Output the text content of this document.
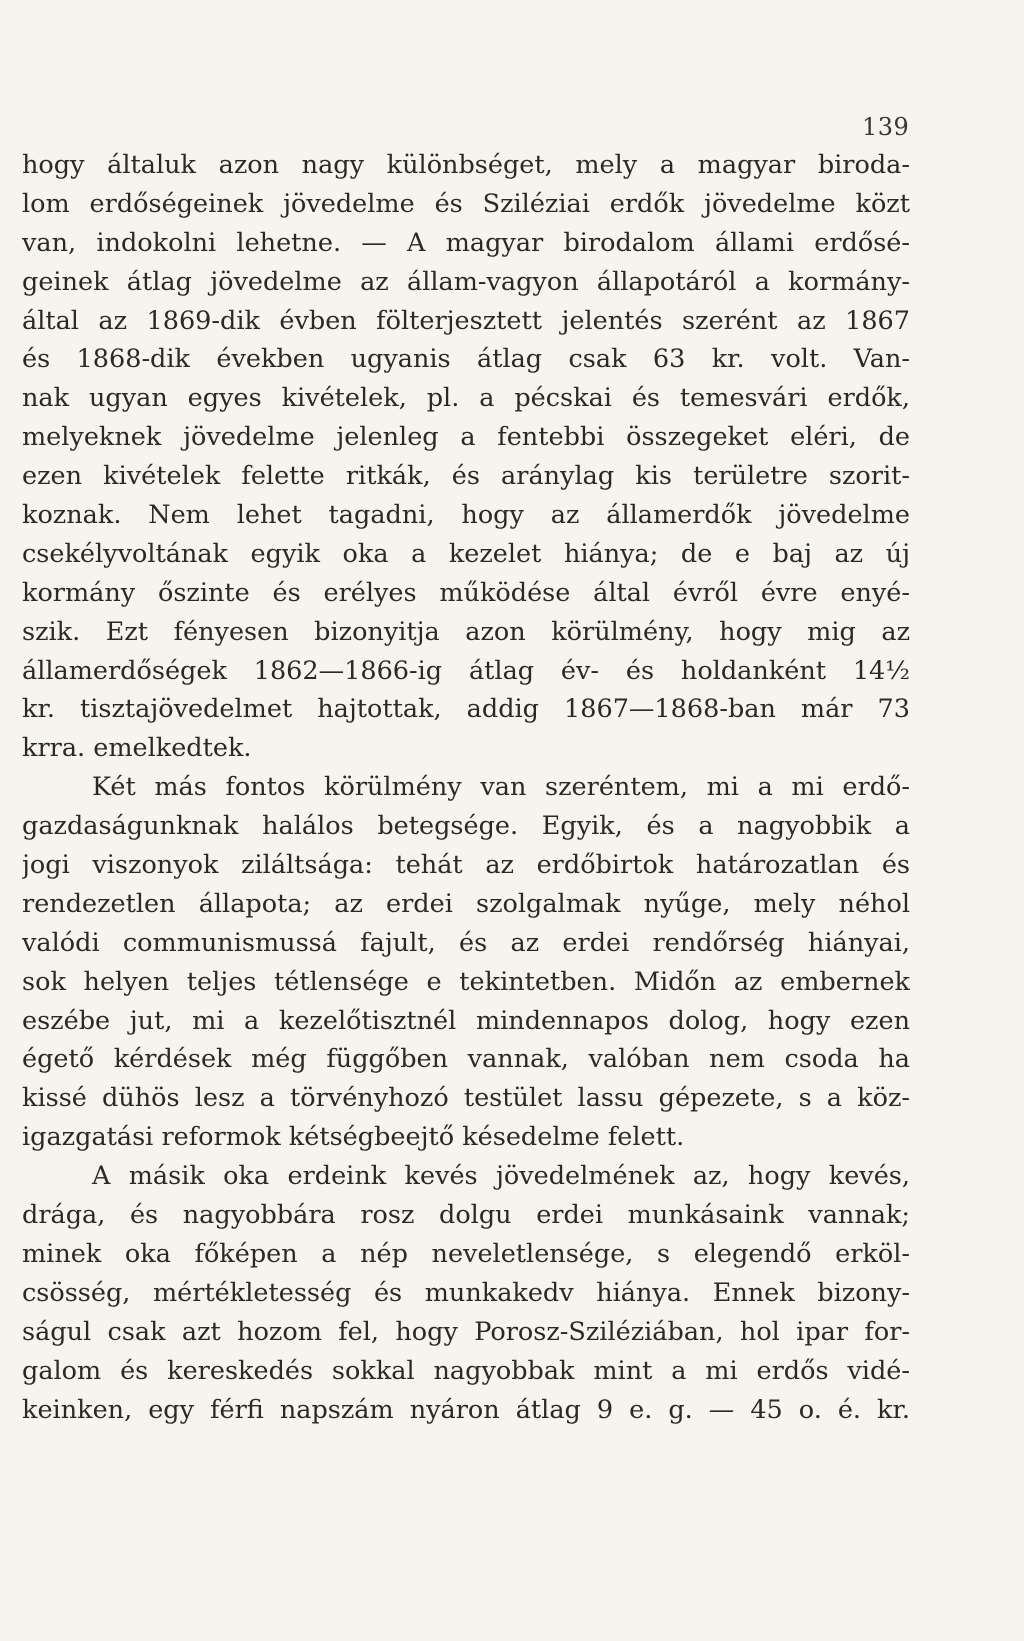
139
hogy általuk azon nagy különbséget, mely a magyar biroda-
lom erdőségeinek jövedelme és Sziléziai erdők jövedelme közt
van, indokolni lehetne. — A magyar birodalom állami erdősé-
geinek átlag jövedelme az állam-vagyon állapotáról a kormány-
által az 1869-dik évben fölterjesztett jelentés szerént az 1867
és 1868-dik években ugyanis átlag csak 63 kr. volt. Van-
nak ugyan egyes kivételek, pl. a pécskai és temesvári erdők,
melyeknek jövedelme jelenleg a fentebbi összegeket eléri, de
ezen kivételek felette ritkák, és aránylag kis területre szorit-
koznak. Nem lehet tagadni, hogy az államerdők jövedelme
csekélyvoltának egyik oka a kezelet hiánya; de e baj az új
kormány őszinte és erélyes működése által évről évre enyé-
szik. Ezt fényesen bizonyitja azon körülmény, hogy mig az
államerdőségek 1862—1866-ig átlag év- és holdanként 14½
kr. tisztajövedelmet hajtottak, addig 1867—1868-ban már 73
krra. emelkedtek.
Két más fontos körülmény van szeréntem, mi a mi erdő-
gazdaságunknak halálos betegsége. Egyik, és a nagyobbik a
jogi viszonyok ziláltsága: tehát az erdőbirtok határozatlan és
rendezetlen állapota; az erdei szolgalmak nyűge, mely néhol
valódi communismussá fajult, és az erdei rendőrség hiányai,
sok helyen teljes tétlensége e tekintetben. Midőn az embernek
eszébe jut, mi a kezelőtisztnél mindennapos dolog, hogy ezen
égető kérdések még függőben vannak, valóban nem csoda ha
kissé dühös lesz a törvényhozó testület lassu gépezete, s a köz-
igazgatási reformok kétségbeejtő késedelme felett.
A másik oka erdeink kevés jövedelmének az, hogy kevés,
drága, és nagyobbára rosz dolgu erdei munkásaink vannak;
minek oka főképen a nép neveletlensége, s elegendő erköl-
csösség, mértékletesség és munkakedv hiánya. Ennek bizony-
ságul csak azt hozom fel, hogy Porosz-Sziléziában, hol ipar for-
galom és kereskedés sokkal nagyobbak mint a mi erdős vidé-
keinken, egy férfi napszám nyáron átlag 9 e. g. — 45 o. é. kr.
